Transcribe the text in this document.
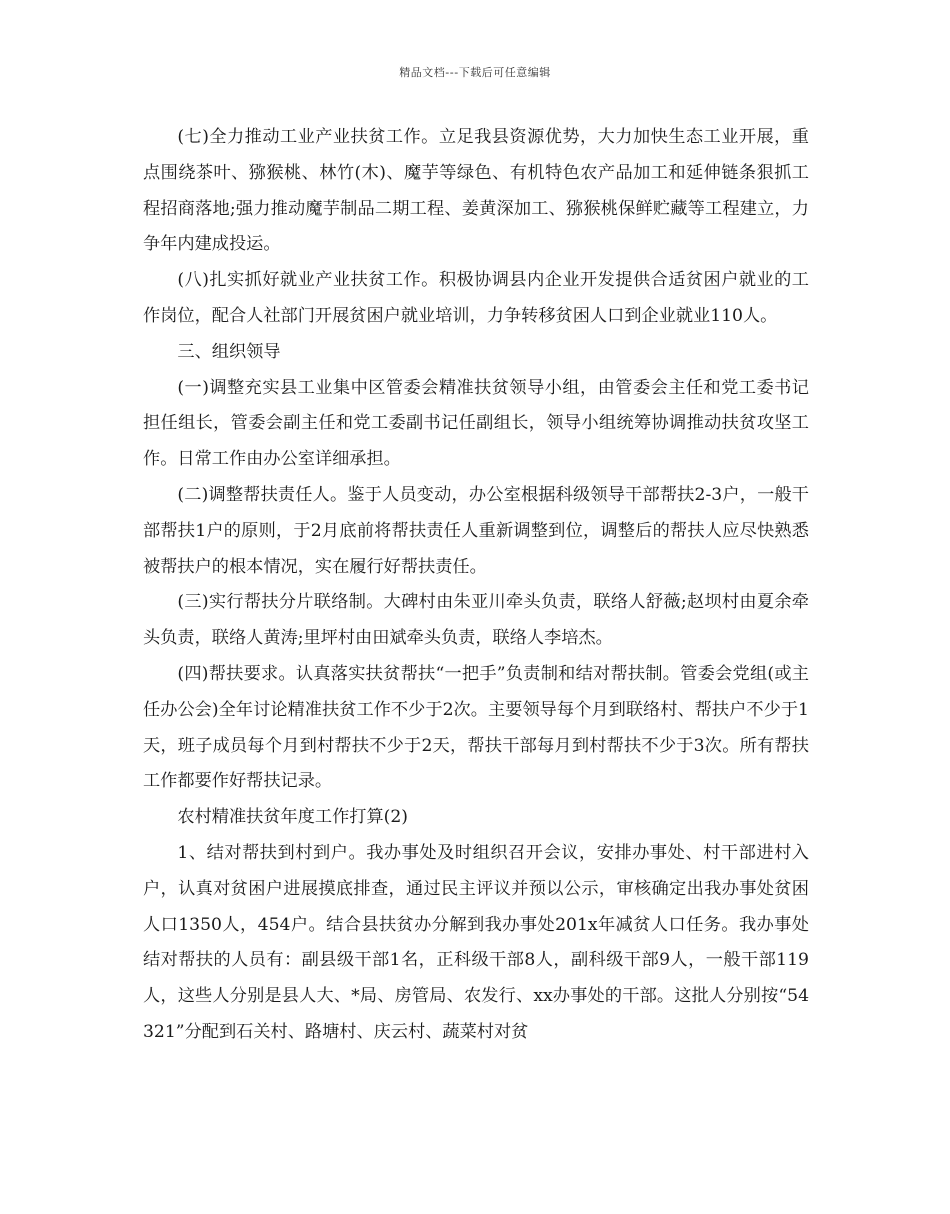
精品文档---下载后可任意编辑

(七)全力推动工业产业扶贫工作。立足我县资源优势，大力加快生态工业开展，重点围绕茶叶、猕猴桃、林竹(木)、魔芋等绿色、有机特色农产品加工和延伸链条狠抓工程招商落地;强力推动魔芋制品二期工程、姜黄深加工、猕猴桃保鲜贮藏等工程建立，力争年内建成投运。

(八)扎实抓好就业产业扶贫工作。积极协调县内企业开发提供合适贫困户就业的工作岗位，配合人社部门开展贫困户就业培训，力争转移贫困人口到企业就业110人。

三、组织领导

(一)调整充实县工业集中区管委会精准扶贫领导小组，由管委会主任和党工委书记担任组长，管委会副主任和党工委副书记任副组长，领导小组统筹协调推动扶贫攻坚工作。日常工作由办公室详细承担。

(二)调整帮扶责任人。鉴于人员变动，办公室根据科级领导干部帮扶2-3户，一般干部帮扶1户的原则，于2月底前将帮扶责任人重新调整到位，调整后的帮扶人应尽快熟悉被帮扶户的根本情况，实在履行好帮扶责任。

(三)实行帮扶分片联络制。大碑村由朱亚川牵头负责，联络人舒薇;赵坝村由夏余牵头负责，联络人黄涛;里坪村由田斌牵头负责，联络人李培杰。

(四)帮扶要求。认真落实扶贫帮扶“一把手”负责制和结对帮扶制。管委会党组(或主任办公会)全年讨论精准扶贫工作不少于2次。主要领导每个月到联络村、帮扶户不少于1天，班子成员每个月到村帮扶不少于2天，帮扶干部每月到村帮扶不少于3次。所有帮扶工作都要作好帮扶记录。

农村精准扶贫年度工作打算(2)

1、结对帮扶到村到户。我办事处及时组织召开会议，安排办事处、村干部进村入户，认真对贫困户进展摸底排查，通过民主评议并预以公示，审核确定出我办事处贫困人口1350人，454户。结合县扶贫办分解到我办事处201x年减贫人口任务。我办事处结对帮扶的人员有：副县级干部1名，正科级干部8人，副科级干部9人，一般干部119人，这些人分别是县人大、*局、房管局、农发行、xx办事处的干部。这批人分别按“54321”分配到石关村、路塘村、庆云村、蔬菜村对贫
